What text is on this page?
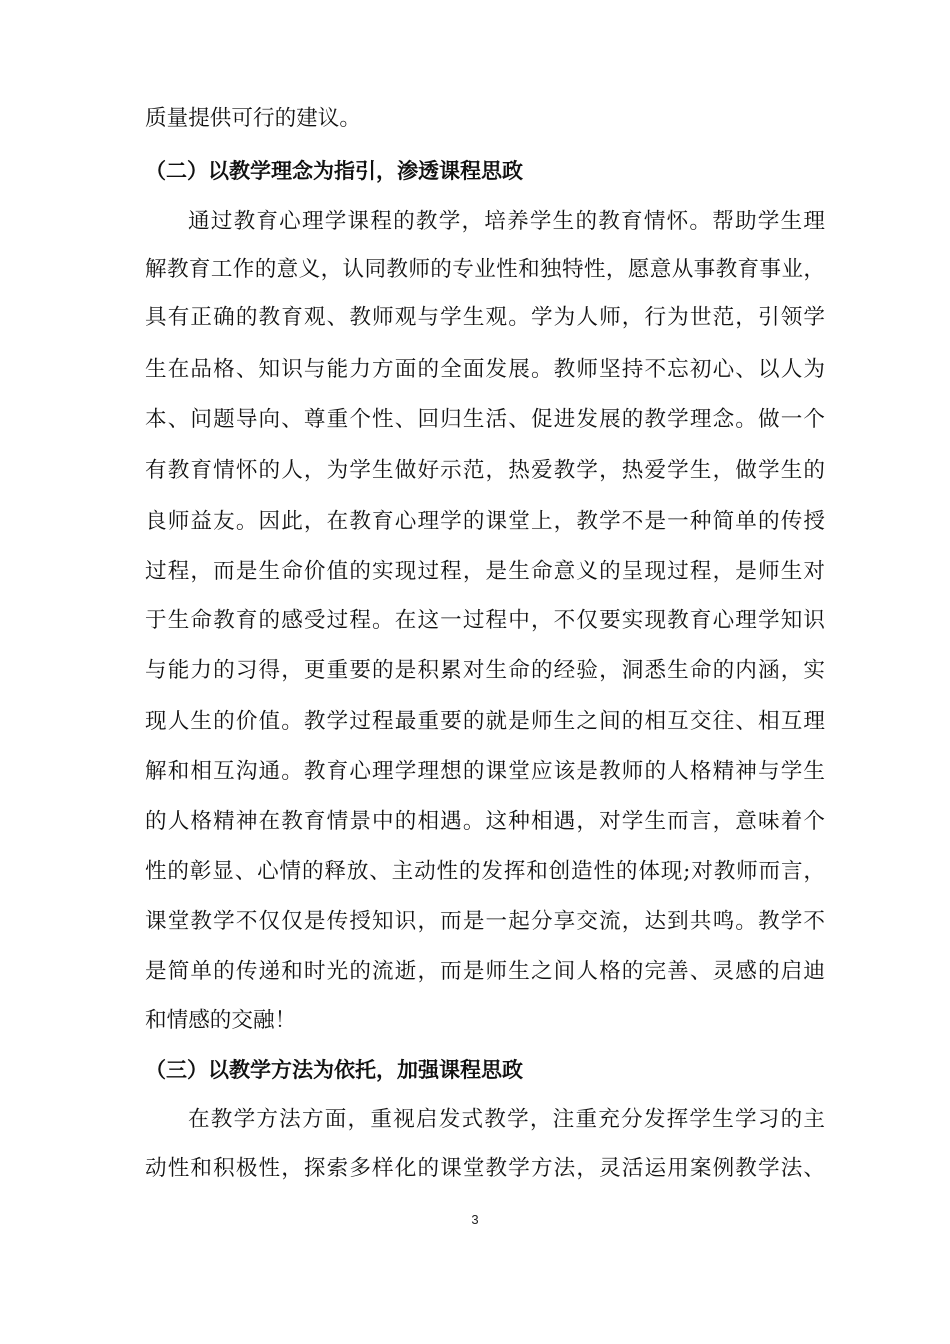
质量提供可行的建议。
（二）以教学理念为指引，渗透课程思政
通过教育心理学课程的教学，培养学生的教育情怀。帮助学生理
解教育工作的意义，认同教师的专业性和独特性，愿意从事教育事业，
具有正确的教育观、教师观与学生观。学为人师，行为世范，引领学
生在品格、知识与能力方面的全面发展。教师坚持不忘初心、以人为
本、问题导向、尊重个性、回归生活、促进发展的教学理念。做一个
有教育情怀的人，为学生做好示范，热爱教学，热爱学生，做学生的
良师益友。因此，在教育心理学的课堂上，教学不是一种简单的传授
过程，而是生命价值的实现过程，是生命意义的呈现过程，是师生对
于生命教育的感受过程。在这一过程中，不仅要实现教育心理学知识
与能力的习得，更重要的是积累对生命的经验，洞悉生命的内涵，实
现人生的价值。教学过程最重要的就是师生之间的相互交往、相互理
解和相互沟通。教育心理学理想的课堂应该是教师的人格精神与学生
的人格精神在教育情景中的相遇。这种相遇，对学生而言，意味着个
性的彰显、心情的释放、主动性的发挥和创造性的体现;对教师而言，
课堂教学不仅仅是传授知识，而是一起分享交流，达到共鸣。教学不
是简单的传递和时光的流逝，而是师生之间人格的完善、灵感的启迪
和情感的交融！
（三）以教学方法为依托，加强课程思政
在教学方法方面，重视启发式教学，注重充分发挥学生学习的主
动性和积极性，探索多样化的课堂教学方法，灵活运用案例教学法、
3
